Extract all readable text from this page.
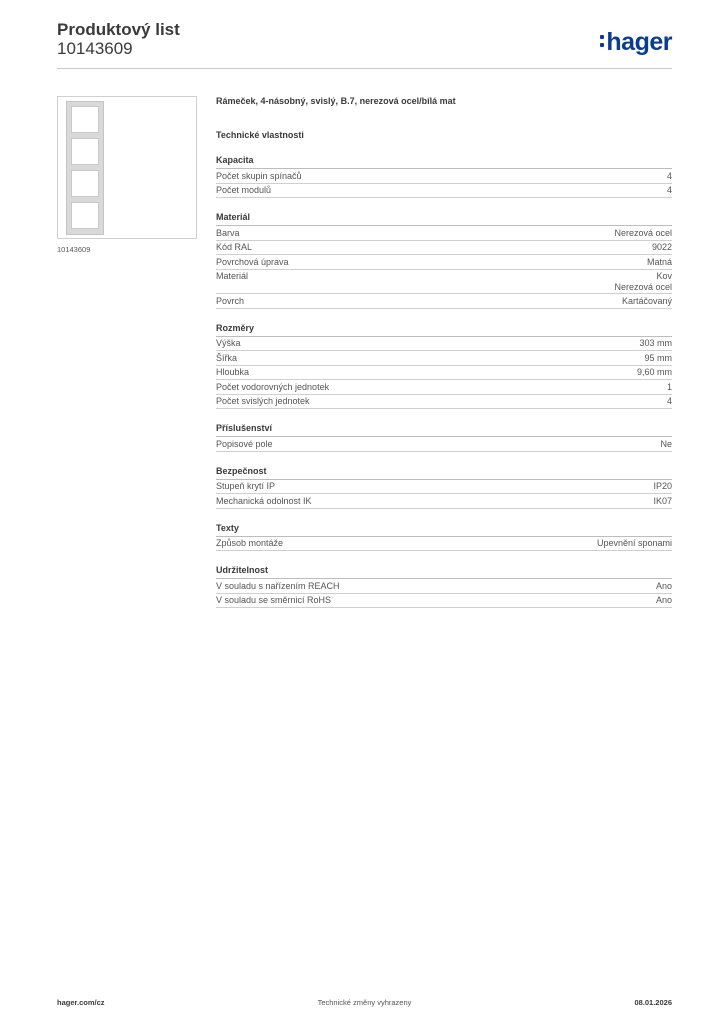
Produktový list
10143609	hager
10143609

Rámeček, 4-násobný, svislý, B.7, nerezová ocel/bílá mat

Technické vlastnosti
Kapacita
Počet skupin spínačů	4
Počet modulů	4
Materiál
Barva	Nerezová ocel
Kód RAL	9022
Povrchová úprava	Matná
Materiál	Kov
Nerezová ocel
Povrch	Kartáčovaný
Rozměry
Výška	303 mm
Šířka	95 mm
Hloubka	9,60 mm
Počet vodorovných jednotek	1
Počet svislých jednotek	4
Příslušenství
Popisové pole	Ne
Bezpečnost
Stupeň krytí IP	IP20
Mechanická odolnost IK	IK07
Texty
Způsob montáže	Upevnění sponami
Udržitelnost
V souladu s nařízením REACH	Ano
V souladu se směrnicí RoHS	Ano
hager.com/cz	Technické změny vyhrazeny	08.01.2026
